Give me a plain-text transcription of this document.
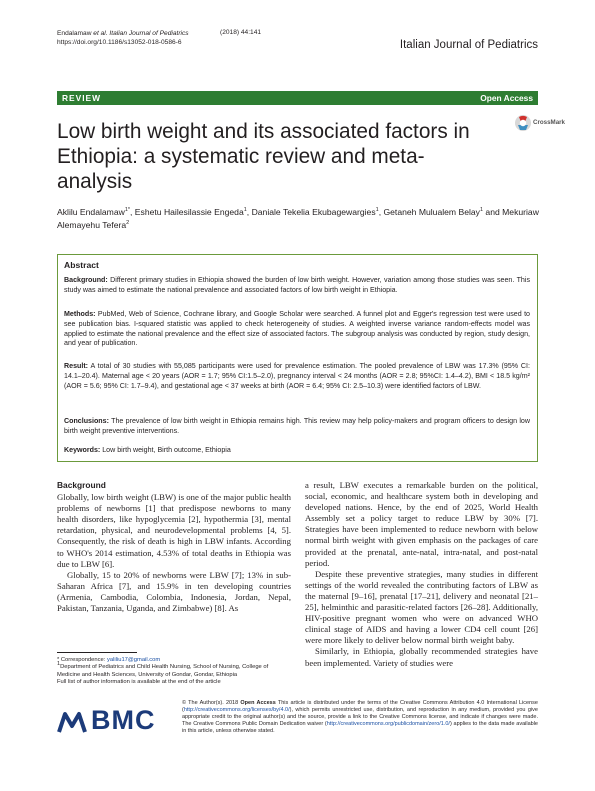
Endalamaw et al. Italian Journal of Pediatrics
https://doi.org/10.1186/s13052-018-0586-6
(2018) 44:141
Italian Journal of Pediatrics
REVIEW	Open Access
Low birth weight and its associated factors in Ethiopia: a systematic review and meta-analysis
CrossMark
Aklilu Endalamaw$^{1*}$, Eshetu Hailesilassie Engeda$^1$, Daniale Tekelia Ekubagewargies$^1$, Getaneh Mulualem Belay$^1$ and Mekuriaw Alemayehu Tefera$^2$
Abstract
Background: Different primary studies in Ethiopia showed the burden of low birth weight. However, variation among those studies was seen. This study was aimed to estimate the national prevalence and associated factors of low birth weight in Ethiopia.
Methods: PubMed, Web of Science, Cochrane library, and Google Scholar were searched. A funnel plot and Egger's regression test were used to see publication bias. I-squared statistic was applied to check heterogeneity of studies. A weighted inverse variance random-effects model was applied to estimate the national prevalence and the effect size of associated factors. The subgroup analysis was conducted by region, study design, and year of publication.
Result: A total of 30 studies with 55,085 participants were used for prevalence estimation. The pooled prevalence of LBW was 17.3% (95% CI: 14.1–20.4). Maternal age < 20 years (AOR = 1.7; 95% CI:1.5–2.0), pregnancy interval < 24 months (AOR = 2.8; 95%CI: 1.4–4.2), BMI < 18.5 kg/m² (AOR = 5.6; 95% CI: 1.7–9.4), and gestational age < 37 weeks at birth (AOR = 6.4; 95% CI: 2.5–10.3) were identified factors of LBW.
Conclusions: The prevalence of low birth weight in Ethiopia remains high. This review may help policy-makers and program officers to design low birth weight preventive interventions.
Keywords: Low birth weight, Birth outcome, Ethiopia
Background

Globally, low birth weight (LBW) is one of the major public health problems of newborns [1] that predispose newborns to many health disorders, like hypoglycemia [2], hypothermia [3], mental retardation, physical, and neurodevelopmental problems [4, 5]. Consequently, the risk of death is high in LBW infants. According to WHO's 2014 estimation, 4.53% of total deaths in Ethiopia was due to LBW [6].

Globally, 15 to 20% of newborns were LBW [7]; 13% in sub-Saharan Africa [7], and 15.9% in ten developing countries (Armenia, Cambodia, Colombia, Indonesia, Jordan, Nepal, Pakistan, Tanzania, Uganda, and Zimbabwe) [8]. As

a result, LBW executes a remarkable burden on the political, social, economic, and healthcare system both in developing and developed nations. Hence, by the end of 2025, World Health Assembly set a policy target to reduce LBW by 30% [7]. Strategies have been implemented to reduce newborn with below normal birth weight with given emphasis on the packages of care provided at the prenatal, ante-natal, intra-natal, and post-natal period.

Despite these preventive strategies, many studies in different settings of the world revealed the contributing factors of LBW as the maternal [9–16], prenatal [17–21], delivery and neonatal [21–25], helminthic and parasitic-related factors [26–28]. Additionally, HIV-positive pregnant women who were on advanced WHO clinical stage of AIDS and having a lower CD4 cell count [26] were more likely to deliver below normal birth weight baby.

Similarly, in Ethiopia, globally recommended strategies have been implemented. Variety of studies were

* Correspondence: yaliliu17@gmail.com
$^1$Department of Pediatrics and Child Health Nursing, School of Nursing, College of Medicine and Health Sciences, University of Gondar, Gondar, Ethiopia
Full list of author information is available at the end of the article
BMC
© The Author(s). 2018 Open Access This article is distributed under the terms of the Creative Commons Attribution 4.0 International License (http://creativecommons.org/licenses/by/4.0/), which permits unrestricted use, distribution, and reproduction in any medium, provided you give appropriate credit to the original author(s) and the source, provide a link to the Creative Commons license, and indicate if changes were made. The Creative Commons Public Domain Dedication waiver (http://creativecommons.org/publicdomain/zero/1.0/) applies to the data made available in this article, unless otherwise stated.
